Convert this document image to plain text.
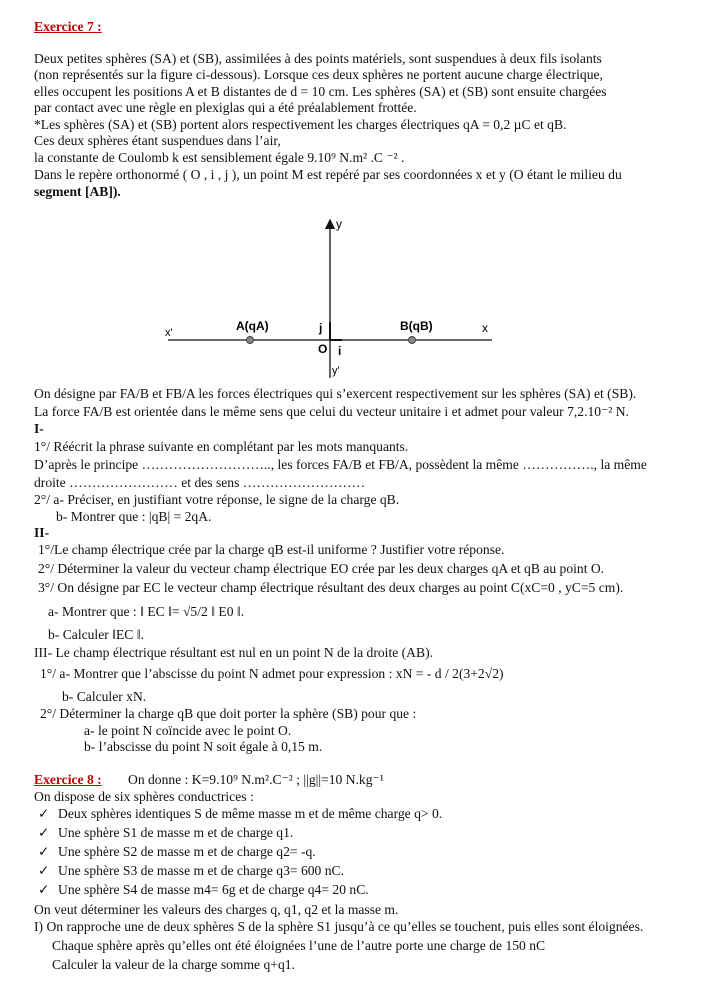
Exercice 7 :
Deux petites sphères (SA) et (SB), assimilées à des points matériels, sont suspendues à deux fils isolants
(non représentés sur la figure ci-dessous). Lorsque ces deux sphères ne portent aucune charge électrique,
elles occupent les positions A et B distantes de d = 10 cm. Les sphères (SA) et (SB) sont ensuite chargées
par contact avec une règle en plexiglas qui a été préalablement frottée.
*Les sphères (SA) et (SB) portent alors respectivement les charges électriques qA = 0,2 µC et qB.
Ces deux sphères étant suspendues dans l’air,
la constante de Coulomb k est sensiblement égale 9.10⁹ N.m² .C ⁻² .
Dans le repère orthonormé ( O , i , j ), un point M est repéré par ses coordonnées x et y (O étant le milieu du
segment [AB]).
y
x
x'
y'
O i
j
A(qA)	B(qB)
On désigne par FA/B et FB/A les forces électriques qui s’exercent respectivement sur les sphères (SA) et (SB).
La force FA/B est orientée dans le même sens que celui du vecteur unitaire i et admet pour valeur 7,2.10⁻² N.
I-
1°/ Réécrit la phrase suivante en complétant par les mots manquants.
D’après le principe ……………………….., les forces FA/B et FB/A, possèdent la même ……………., la même
droite …………………… et des sens ………………………
2°/ a- Préciser, en justifiant votre réponse, le signe de la charge qB.
b- Montrer que : |qB| = 2qA.
II-
1°/Le champ électrique crée par la charge qB est-il uniforme ? Justifier votre réponse.
2°/ Déterminer la valeur du vecteur champ électrique EO crée par les deux charges qA et qB au point O.
3°/ On désigne par EC le vecteur champ électrique résultant des deux charges au point C(xC=0 , yC=5 cm).
a- Montrer que : ‖ EC ‖= √5/2 ‖ E0 ‖.
b- Calculer ‖EC ‖.
III- Le champ électrique résultant est nul en un point N de la droite (AB).
1°/ a- Montrer que l’abscisse du point N admet pour expression : xN = - d / 2(3+2√2)
b- Calculer xN.
2°/ Déterminer la charge qB que doit porter la sphère (SB) pour que :
a- le point N coïncide avec le point O.
b- l’abscisse du point N soit égale à 0,15 m.
Exercice 8 : On donne : K=9.10⁹ N.m².C⁻² ; ||g||=10 N.kg⁻¹
On dispose de six sphères conductrices :
✓ Deux sphères identiques S de même masse m et de même charge q> 0.
✓ Une sphère S1 de masse m et de charge q1.
✓ Une sphère S2 de masse m et de charge q2= -q.
✓ Une sphère S3 de masse m et de charge q3= 600 nC.
✓ Une sphère S4 de masse m4= 6g et de charge q4= 20 nC.
On veut déterminer les valeurs des charges q, q1, q2 et la masse m.
I) On rapproche une de deux sphères S de la sphère S1 jusqu’à ce qu’elles se touchent, puis elles sont éloignées.
Chaque sphère après qu’elles ont été éloignées l’une de l’autre porte une charge de 150 nC
Calculer la valeur de la charge somme q+q1.
